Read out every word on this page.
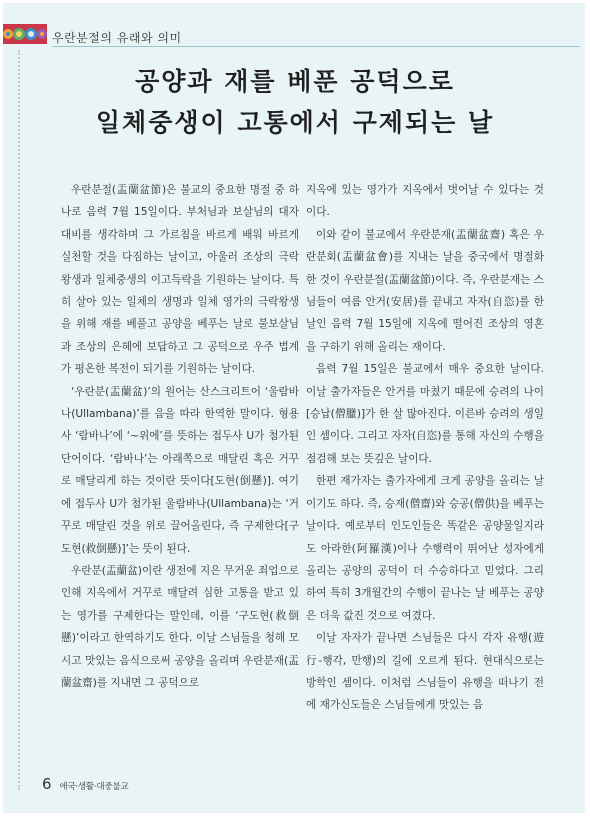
우란분절의 유래와 의미
공양과 재를 베푼 공덕으로
일체중생이 고통에서 구제되는 날

우란분절(盂蘭盆節)은 불교의 중요한 명절 중 하나로 음력 7월 15일이다. 부처님과 보살님의 대자대비를 생각하며 그 가르침을 바르게 배워 바르게 실천할 것을 다짐하는 날이고, 아울러 조상의 극락왕생과 일체중생의 이고득락을 기원하는 날이다. 특히 살아 있는 일체의 생명과 일체 영가의 극락왕생을 위해 재를 베풀고 공양을 베푸는 날로 불보살님과 조상의 은혜에 보답하고 그 공덕으로 우주 법계가 평온한 복전이 되기를 기원하는 날이다.

‘우란분(盂蘭盆)’의 원어는 산스크리트어 ‘울람바나(Ullambana)’를 음을 따라 한역한 말이다. 형용사 ‘람바나’에 ‘~위에’를 뜻하는 접두사 U가 첨가된 단어이다. ‘람바나’는 아래쪽으로 매달린 혹은 거꾸로 매달리게 하는 것이란 뜻이다[도현(倒懸)]. 여기에 접두사 U가 첨가된 울람바나(Ullambana)는 ‘거꾸로 매달린 것을 위로 끌어올린다, 즉 구제한다[구도현(救倒懸)]’는 뜻이 된다.

우란분(盂蘭盆)이란 생전에 지은 무거운 죄업으로 인해 지옥에서 거꾸로 매달려 심한 고통을 받고 있는 영가를 구제한다는 말인데, 이를 ‘구도현(救倒懸)’이라고 한역하기도 한다. 이날 스님들을 청해 모시고 맛있는 음식으로써 공양을 올리며 우란분재(盂蘭盆齋)를 지내면 그 공덕으로

지옥에 있는 영가가 지옥에서 벗어날 수 있다는 것이다.

이와 같이 불교에서 우란분재(盂蘭盆齋) 혹은 우란분회(盂蘭盆會)를 지내는 날을 중국에서 명절화한 것이 우란분절(盂蘭盆節)이다. 즉, 우란분재는 스님들이 여름 안거(安居)를 끝내고 자자(自恣)를 한 날인 음력 7월 15일에 지옥에 떨어진 조상의 영혼을 구하기 위해 올리는 재이다.

음력 7월 15일은 불교에서 매우 중요한 날이다. 이날 출가자들은 안거를 마쳤기 때문에 승려의 나이[승납(僧臘)]가 한 살 많아진다. 이른바 승려의 생일인 셈이다. 그리고 자자(自恣)를 통해 자신의 수행을 점검해 보는 뜻깊은 날이다.

한편 재가자는 출가자에게 크게 공양을 올리는 날이기도 하다. 즉, 승재(僧齋)와 승공(僧供)을 베푸는 날이다. 예로부터 인도인들은 똑같은 공양물일지라도 아라한(阿羅漢)이나 수행력이 뛰어난 성자에게 올리는 공양의 공덕이 더 수승하다고 믿었다. 그리하여 특히 3개월간의 수행이 끝나는 날 베푸는 공양은 더욱 값진 것으로 여겼다.

이날 자자가 끝나면 스님들은 다시 각자 유행(遊行-행각, 만행)의 길에 오르게 된다. 현대식으로는 방학인 셈이다. 이처럼 스님들이 유행을 떠나기 전에 재가신도들은 스님들에게 맛있는 음

6 애국·생활·대중불교
